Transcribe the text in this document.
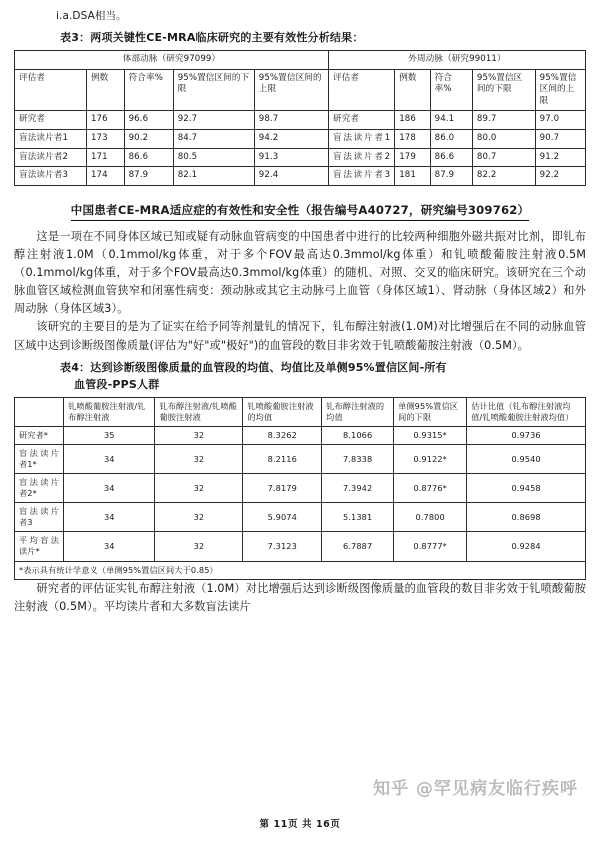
i.a.DSA相当。
表3：两项关键性CE-MRA临床研究的主要有效性分析结果：
体部动脉（研究97099）					外周动脉（研究99011）				
评估者	例数	符合率%	95%置信区间的下限	95%置信区间的上限	评估者	例数	符合率%	95%置信区间的下限	95%置信区间的上限
研究者	176	96.6	92.7	98.7	研究者	186	94.1	89.7	97.0
盲法读片者1	173	90.2	84.7	94.2	盲法读片者1	178	86.0	80.0	90.7
盲法读片者2	171	86.6	80.5	91.3	盲法读片者2	179	86.6	80.7	91.2
盲法读片者3	174	87.9	82.1	92.4	盲法读片者3	181	87.9	82.2	92.2
中国患者CE-MRA适应症的有效性和安全性（报告编号A40727，研究编号309762）

这是一项在不同身体区域已知或疑有动脉血管病变的中国患者中进行的比较两种细胞外磁共振对比剂，即钆布醇注射液1.0M（0.1mmol/kg体重，对于多个FOV最高达0.3mmol/kg体重）和钆喷酸葡胺注射液0.5M（0.1mmol/kg体重，对于多个FOV最高达0.3mmol/kg体重）的随机、对照、交叉的临床研究。该研究在三个动脉血管区域检测血管狭窄和闭塞性病变：颈动脉或其它主动脉弓上血管（身体区域1）、肾动脉（身体区域2）和外周动脉（身体区域3）。

该研究的主要目的是为了证实在给予同等剂量钆的情况下，钆布醇注射液(1.0M)对比增强后在不同的动脉血管区域中达到诊断级图像质量(评估为"好"或"极好")的血管段的数目非劣效于钆喷酸葡胺注射液（0.5M）。

表4：达到诊断级图像质量的血管段的均值、均值比及单侧95%置信区间-所有
血管段-PPS人群
	钆喷酸葡胺注射液/钆布醇注射液	钆布醇注射液/钆喷酸葡胺注射液	钆喷酸葡胺注射液的均值	钆布醇注射液的均值	单侧95%置信区间的下限	估计比值（钆布醇注射液均值/钆喷酸葡胺注射液均值）
研究者*	35	32	8.3262	8.1066	0.9315*	0.9736
盲法读片者1*	34	32	8.2116	7.8338	0.9122*	0.9540
盲法读片者2*	34	32	7.8179	7.3942	0.8776*	0.9458
盲法读片者3	34	32	5.9074	5.1381	0.7800	0.8698
平均盲法读片*	34	32	7.3123	6.7887	0.8777*	0.9284
*表示具有统计学意义（单侧95%置信区间大于0.85）						

研究者的评估证实钆布醇注射液（1.0M）对比增强后达到诊断级图像质量的血管段的数目非劣效于钆喷酸葡胺注射液（0.5M）。平均读片者和大多数盲法读片

知乎 @罕见病友临行疾呼
第 11页 共 16页
